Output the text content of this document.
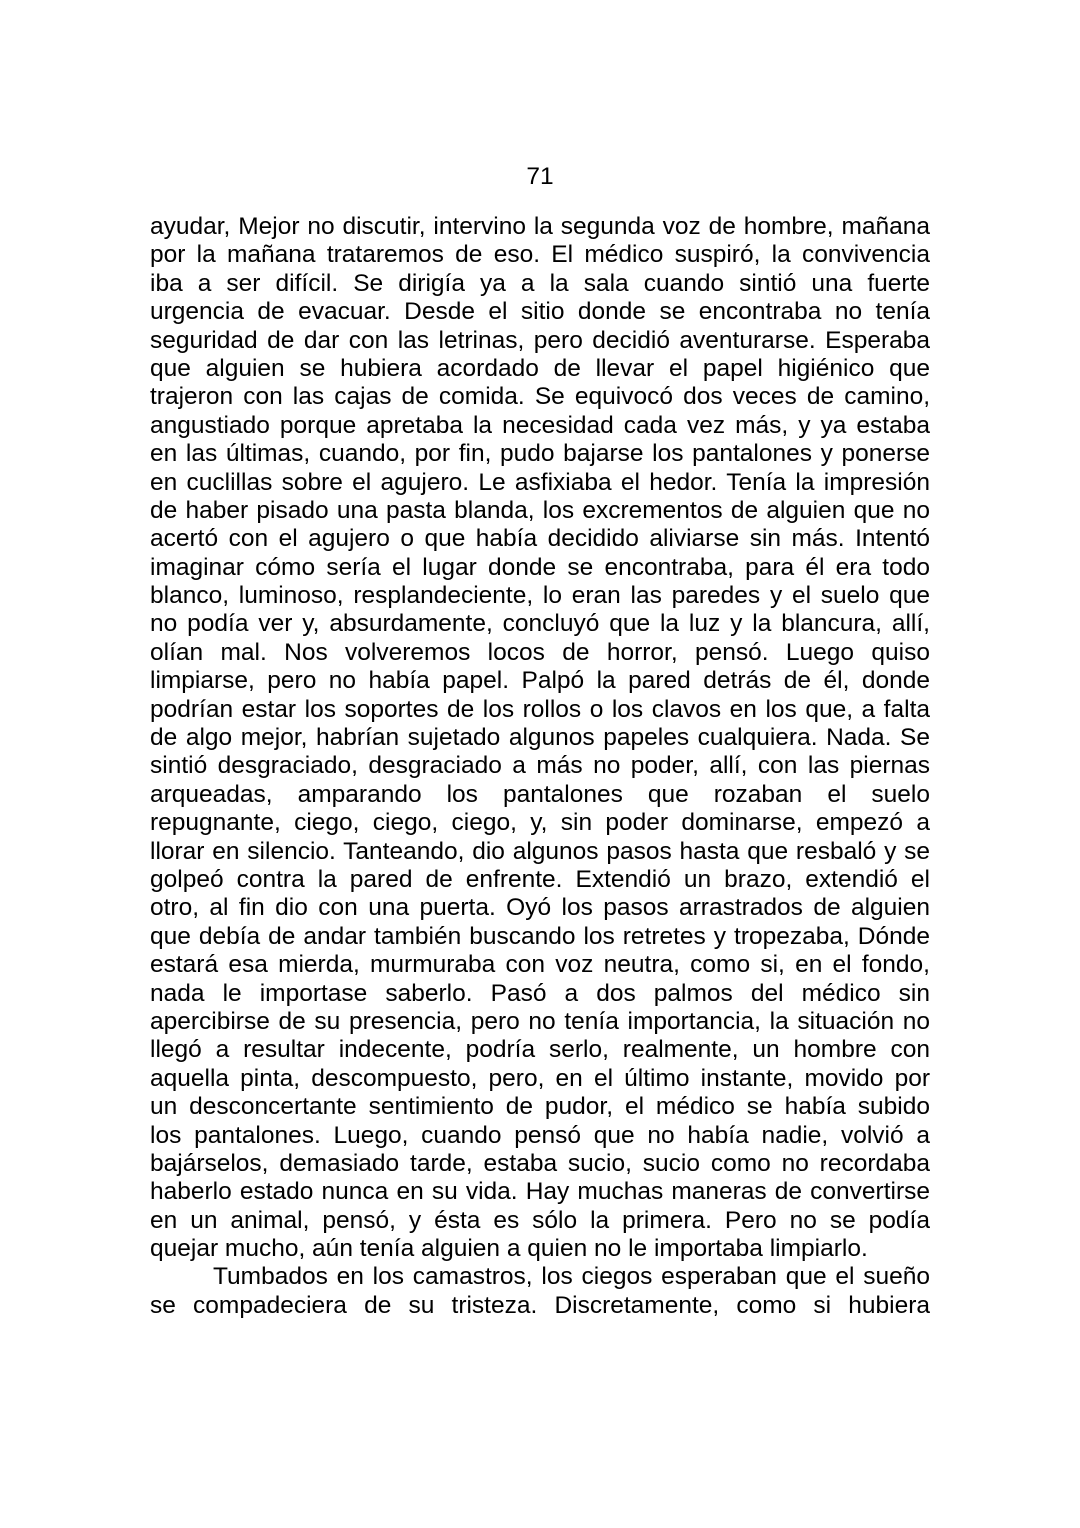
71
ayudar, Mejor no discutir, intervino la segunda voz de hombre, mañana
por la mañana trataremos de eso. El médico suspiró, la convivencia
iba a ser difícil. Se dirigía ya a la sala cuando sintió una fuerte
urgencia de evacuar. Desde el sitio donde se encontraba no tenía
seguridad de dar con las letrinas, pero decidió aventurarse. Esperaba
que alguien se hubiera acordado de llevar el papel higiénico que
trajeron con las cajas de comida. Se equivocó dos veces de camino,
angustiado porque apretaba la necesidad cada vez más, y ya estaba
en las últimas, cuando, por fin, pudo bajarse los pantalones y ponerse
en cuclillas sobre el agujero. Le asfixiaba el hedor. Tenía la impresión
de haber pisado una pasta blanda, los excrementos de alguien que no
acertó con el agujero o que había decidido aliviarse sin más. Intentó
imaginar cómo sería el lugar donde se encontraba, para él era todo
blanco, luminoso, resplandeciente, lo eran las paredes y el suelo que
no podía ver y, absurdamente, concluyó que la luz y la blancura, allí,
olían mal. Nos volveremos locos de horror, pensó. Luego quiso
limpiarse, pero no había papel. Palpó la pared detrás de él, donde
podrían estar los soportes de los rollos o los clavos en los que, a falta
de algo mejor, habrían sujetado algunos papeles cualquiera. Nada. Se
sintió desgraciado, desgraciado a más no poder, allí, con las piernas
arqueadas, amparando los pantalones que rozaban el suelo
repugnante, ciego, ciego, ciego, y, sin poder dominarse, empezó a
llorar en silencio. Tanteando, dio algunos pasos hasta que resbaló y se
golpeó contra la pared de enfrente. Extendió un brazo, extendió el
otro, al fin dio con una puerta. Oyó los pasos arrastrados de alguien
que debía de andar también buscando los retretes y tropezaba, Dónde
estará esa mierda, murmuraba con voz neutra, como si, en el fondo,
nada le importase saberlo. Pasó a dos palmos del médico sin
apercibirse de su presencia, pero no tenía importancia, la situación no
llegó a resultar indecente, podría serlo, realmente, un hombre con
aquella pinta, descompuesto, pero, en el último instante, movido por
un desconcertante sentimiento de pudor, el médico se había subido
los pantalones. Luego, cuando pensó que no había nadie, volvió a
bajárselos, demasiado tarde, estaba sucio, sucio como no recordaba
haberlo estado nunca en su vida. Hay muchas maneras de convertirse
en un animal, pensó, y ésta es sólo la primera. Pero no se podía
quejar mucho, aún tenía alguien a quien no le importaba limpiarlo.
Tumbados en los camastros, los ciegos esperaban que el sueño
se compadeciera de su tristeza. Discretamente, como si hubiera
